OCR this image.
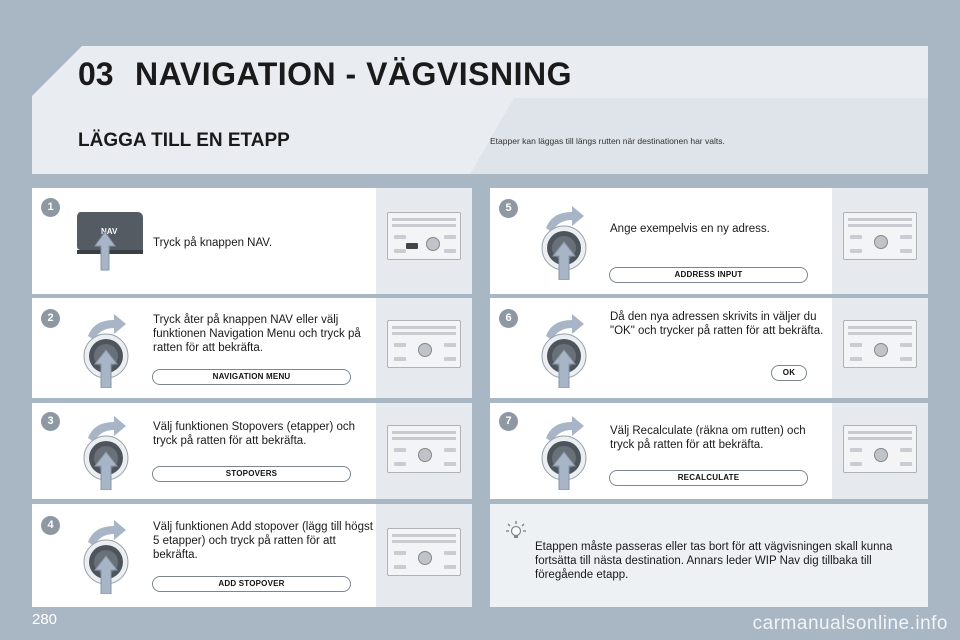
03 NAVIGATION - VÄGVISNING
LÄGGA TILL EN ETAPP	Etapper kan läggas till längs rutten när destinationen har valts.
1
NAV
Tryck på knappen NAV.
2	Tryck åter på knappen NAV eller välj funktionen Navigation Menu och tryck på ratten för att bekräfta.
NAVIGATION MENU
3	Välj funktionen Stopovers (etapper) och tryck på ratten för att bekräfta.
STOPOVERS
4	Välj funktionen Add stopover (lägg till högst 5 etapper) och tryck på ratten för att bekräfta.
ADD STOPOVER
5
Ange exempelvis en ny adress.
ADDRESS INPUT
6	Då den nya adressen skrivits in väljer du "OK" och trycker på ratten för att bekräfta.
OK
7
Välj Recalculate (räkna om rutten) och tryck på ratten för att bekräfta.
RECALCULATE
Etappen måste passeras eller tas bort för att vägvisningen skall kunna fortsätta till nästa destination. Annars leder WIP Nav dig tillbaka till föregående etapp.
280	carmanualsonline.info
